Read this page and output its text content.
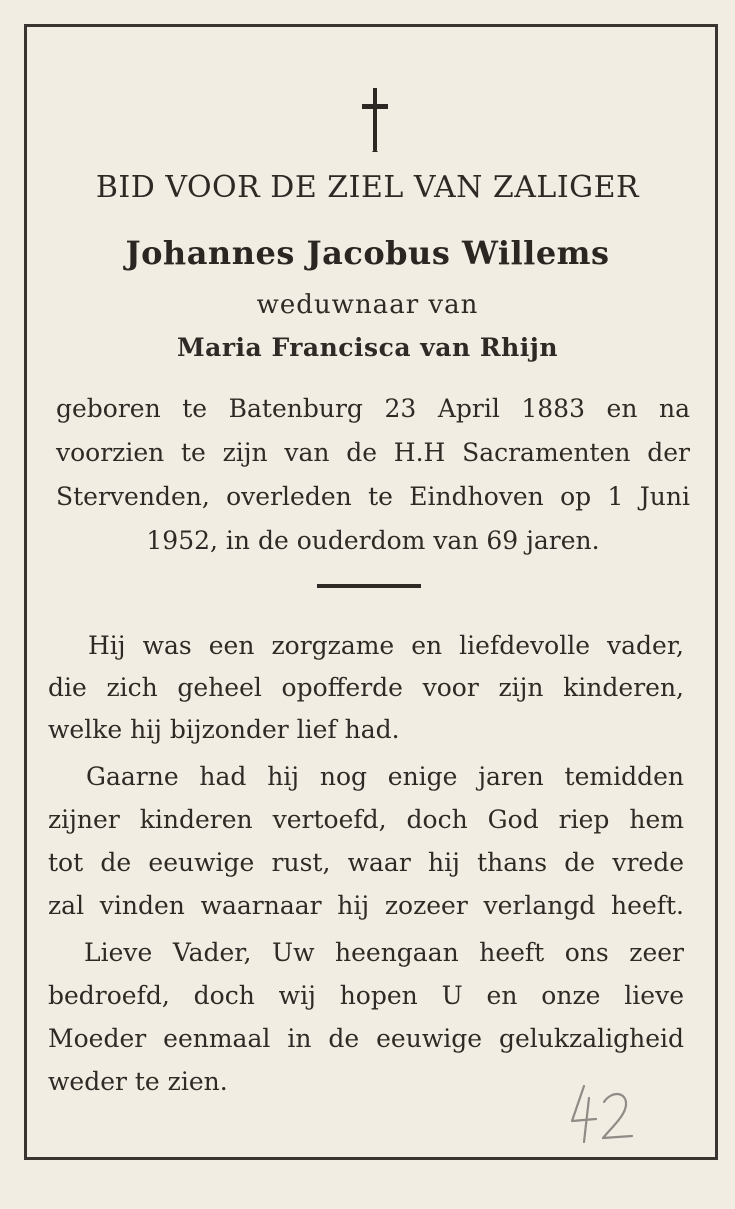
BID VOOR DE ZIEL VAN ZALIGER
Johannes Jacobus Willems
weduwnaar van
Maria Francisca van Rhijn
geboren te Batenburg 23 April 1883 en na
voorzien te zijn van de H.H Sacramenten der
Stervenden, overleden te Eindhoven op 1 Juni
1952, in de ouderdom van 69 jaren.
Hij was een zorgzame en liefdevolle vader,
die zich geheel opofferde voor zijn kinderen,
welke hij bijzonder lief had.
Gaarne had hij nog enige jaren temidden
zijner kinderen vertoefd, doch God riep hem
tot de eeuwige rust, waar hij thans de vrede
zal vinden waarnaar hij zozeer verlangd heeft.
Lieve Vader, Uw heengaan heeft ons zeer
bedroefd, doch wij hopen U en onze lieve
Moeder eenmaal in de eeuwige gelukzaligheid
weder te zien.
